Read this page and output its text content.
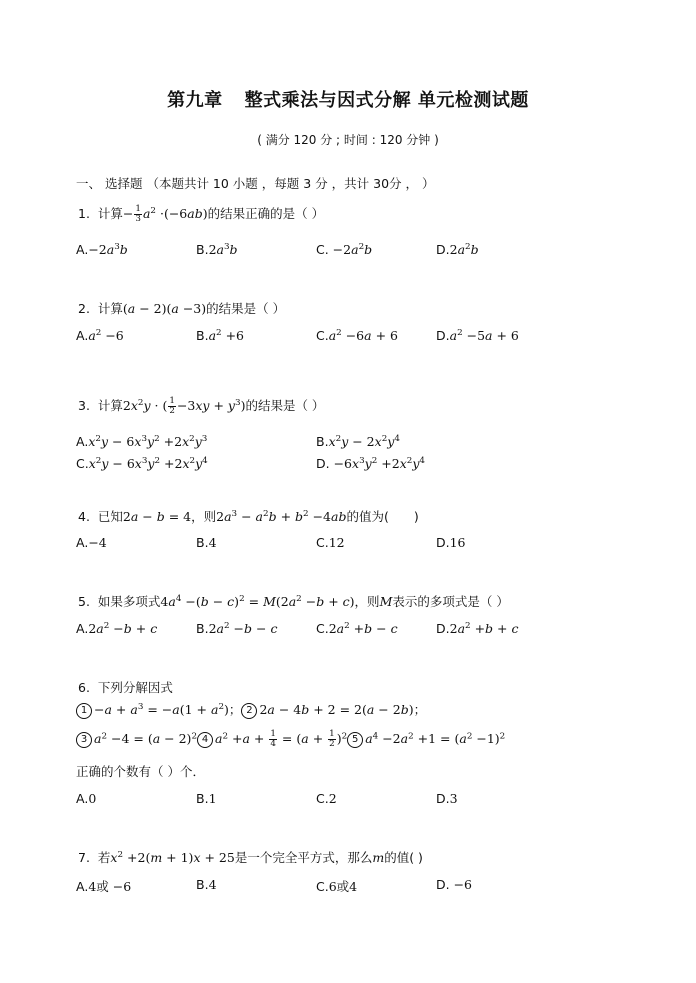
第九章 整式乘法与因式分解 单元检测试题
( 满分 120 分 ; 时间 : 120 分钟 )
一、 选择题 （本题共计 10 小题 ，每题 3 分 ，共计 30分 ， ）
1. 计算− $\frac{1}{3} a^2 \cdot(-6ab)$的结果正确的是（ ）
$A.-2a^3b$	$B.2a^3b$	C. $-2a^2b$	$D.2a^2b$
2. 计算(a − 2)(a −3)的结果是（ ）
$A.a^2 -6$	$B.a^2 +6$	$C.a^2 -6a + 6$	$D.a^2 -5a + 6$
3. 计算$2x^2y$ · ( $\frac{1}{2} -3xy + y^3$)的结果是（ ）
$A.x^2y - 6x^3y^2 +2x^2y^3$	$B.x^2y - 2x^2y^4$
$C.x^2y - 6x^3y^2 +2x^2y^4$	D. $-6x^3y^2 +2x^2y^4$
4. 已知2a − b = 4，则$2a^3 - a^2b + b^2 -4ab$的值为(　　)
A.−4	B.4	C.12	D.16
5. 如果多项式$4a^4 -(b - c)^2 = M(2a^2 -b + c)$，则M表示的多项式是（ ）
$A.2a^2 -b + c$	$B.2a^2 -b - c$	$C.2a^2 +b - c$	$D.2a^2 +b + c$
6. 下列分解因式
$1 -a + a^3 = -a(1 + a^2)$； 2 2a − 4b + 2 = 2(a − 2b)；
3 $a^2 -4 = (a - 2)^2$ 4 $a^2 +a + \frac{1}{4} = (a + \frac{1}{2} )^2$ 5 $a^4 -2a^2 +1 = (a^2 -1)^2$
正确的个数有（ ）个．
A.0	B.1	C.2	D.3
7. 若$x^2 +2(m + 1)x + 25$是一个完全平方式，那么m的值( )
A.4或 −6	B.4	C.6或4	D. −6
